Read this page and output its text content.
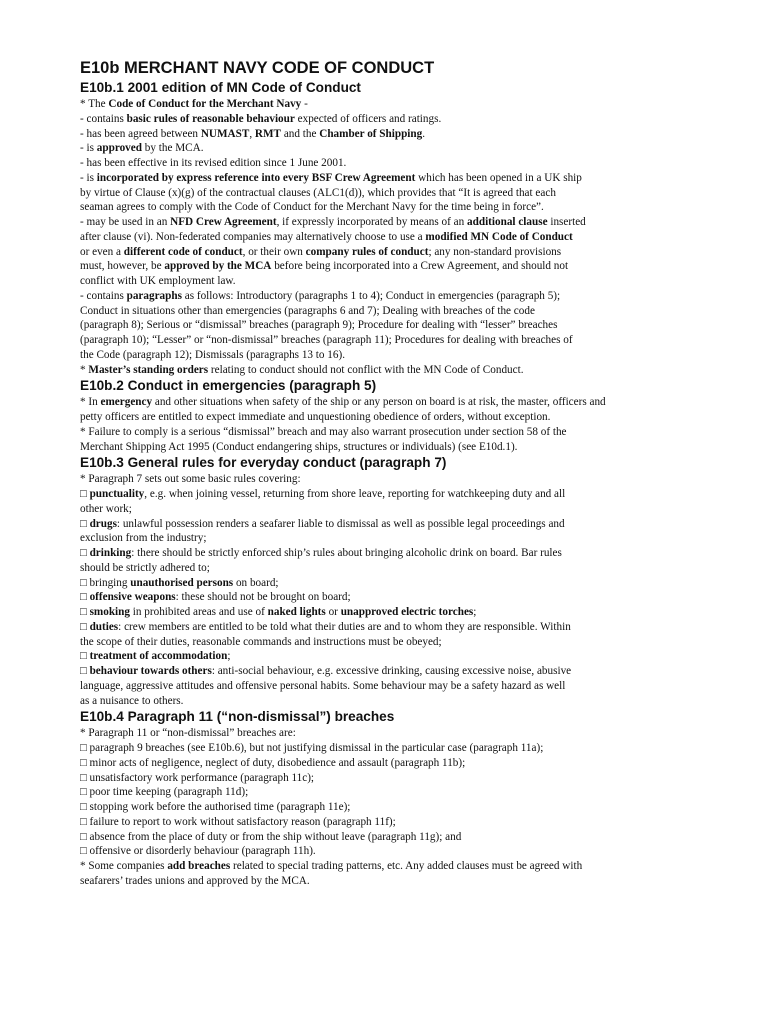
E10b MERCHANT NAVY CODE OF CONDUCT
E10b.1 2001 edition of MN Code of Conduct
* The Code of Conduct for the Merchant Navy -
- contains basic rules of reasonable behaviour expected of officers and ratings.
- has been agreed between NUMAST, RMT and the Chamber of Shipping.
- is approved by the MCA.
- has been effective in its revised edition since 1 June 2001.
- is incorporated by express reference into every BSF Crew Agreement which has been opened in a UK ship
by virtue of Clause (x)(g) of the contractual clauses (ALC1(d)), which provides that “It is agreed that each
seaman agrees to comply with the Code of Conduct for the Merchant Navy for the time being in force”.
- may be used in an NFD Crew Agreement, if expressly incorporated by means of an additional clause inserted
after clause (vi). Non-federated companies may alternatively choose to use a modified MN Code of Conduct
or even a different code of conduct, or their own company rules of conduct; any non-standard provisions
must, however, be approved by the MCA before being incorporated into a Crew Agreement, and should not
conflict with UK employment law.
- contains paragraphs as follows: Introductory (paragraphs 1 to 4); Conduct in emergencies (paragraph 5);
Conduct in situations other than emergencies (paragraphs 6 and 7); Dealing with breaches of the code
(paragraph 8); Serious or “dismissal” breaches (paragraph 9); Procedure for dealing with “lesser” breaches
(paragraph 10); “Lesser” or “non-dismissal” breaches (paragraph 11); Procedures for dealing with breaches of
the Code (paragraph 12); Dismissals (paragraphs 13 to 16).
* Master’s standing orders relating to conduct should not conflict with the MN Code of Conduct.
E10b.2 Conduct in emergencies (paragraph 5)
* In emergency and other situations when safety of the ship or any person on board is at risk, the master, officers and
petty officers are entitled to expect immediate and unquestioning obedience of orders, without exception.
* Failure to comply is a serious “dismissal” breach and may also warrant prosecution under section 58 of the
Merchant Shipping Act 1995 (Conduct endangering ships, structures or individuals) (see E10d.1).
E10b.3 General rules for everyday conduct (paragraph 7)
* Paragraph 7 sets out some basic rules covering:
□ punctuality, e.g. when joining vessel, returning from shore leave, reporting for watchkeeping duty and all
other work;
□ drugs: unlawful possession renders a seafarer liable to dismissal as well as possible legal proceedings and
exclusion from the industry;
□ drinking: there should be strictly enforced ship’s rules about bringing alcoholic drink on board. Bar rules
should be strictly adhered to;
□ bringing unauthorised persons on board;
□ offensive weapons: these should not be brought on board;
□ smoking in prohibited areas and use of naked lights or unapproved electric torches;
□ duties: crew members are entitled to be told what their duties are and to whom they are responsible. Within
the scope of their duties, reasonable commands and instructions must be obeyed;
□ treatment of accommodation;
□ behaviour towards others: anti-social behaviour, e.g. excessive drinking, causing excessive noise, abusive
language, aggressive attitudes and offensive personal habits. Some behaviour may be a safety hazard as well
as a nuisance to others.
E10b.4 Paragraph 11 (“non-dismissal”) breaches
* Paragraph 11 or “non-dismissal” breaches are:
□ paragraph 9 breaches (see E10b.6), but not justifying dismissal in the particular case (paragraph 11a);
□ minor acts of negligence, neglect of duty, disobedience and assault (paragraph 11b);
□ unsatisfactory work performance (paragraph 11c);
□ poor time keeping (paragraph 11d);
□ stopping work before the authorised time (paragraph 11e);
□ failure to report to work without satisfactory reason (paragraph 11f);
□ absence from the place of duty or from the ship without leave (paragraph 11g); and
□ offensive or disorderly behaviour (paragraph 11h).
* Some companies add breaches related to special trading patterns, etc. Any added clauses must be agreed with
seafarers’ trades unions and approved by the MCA.
